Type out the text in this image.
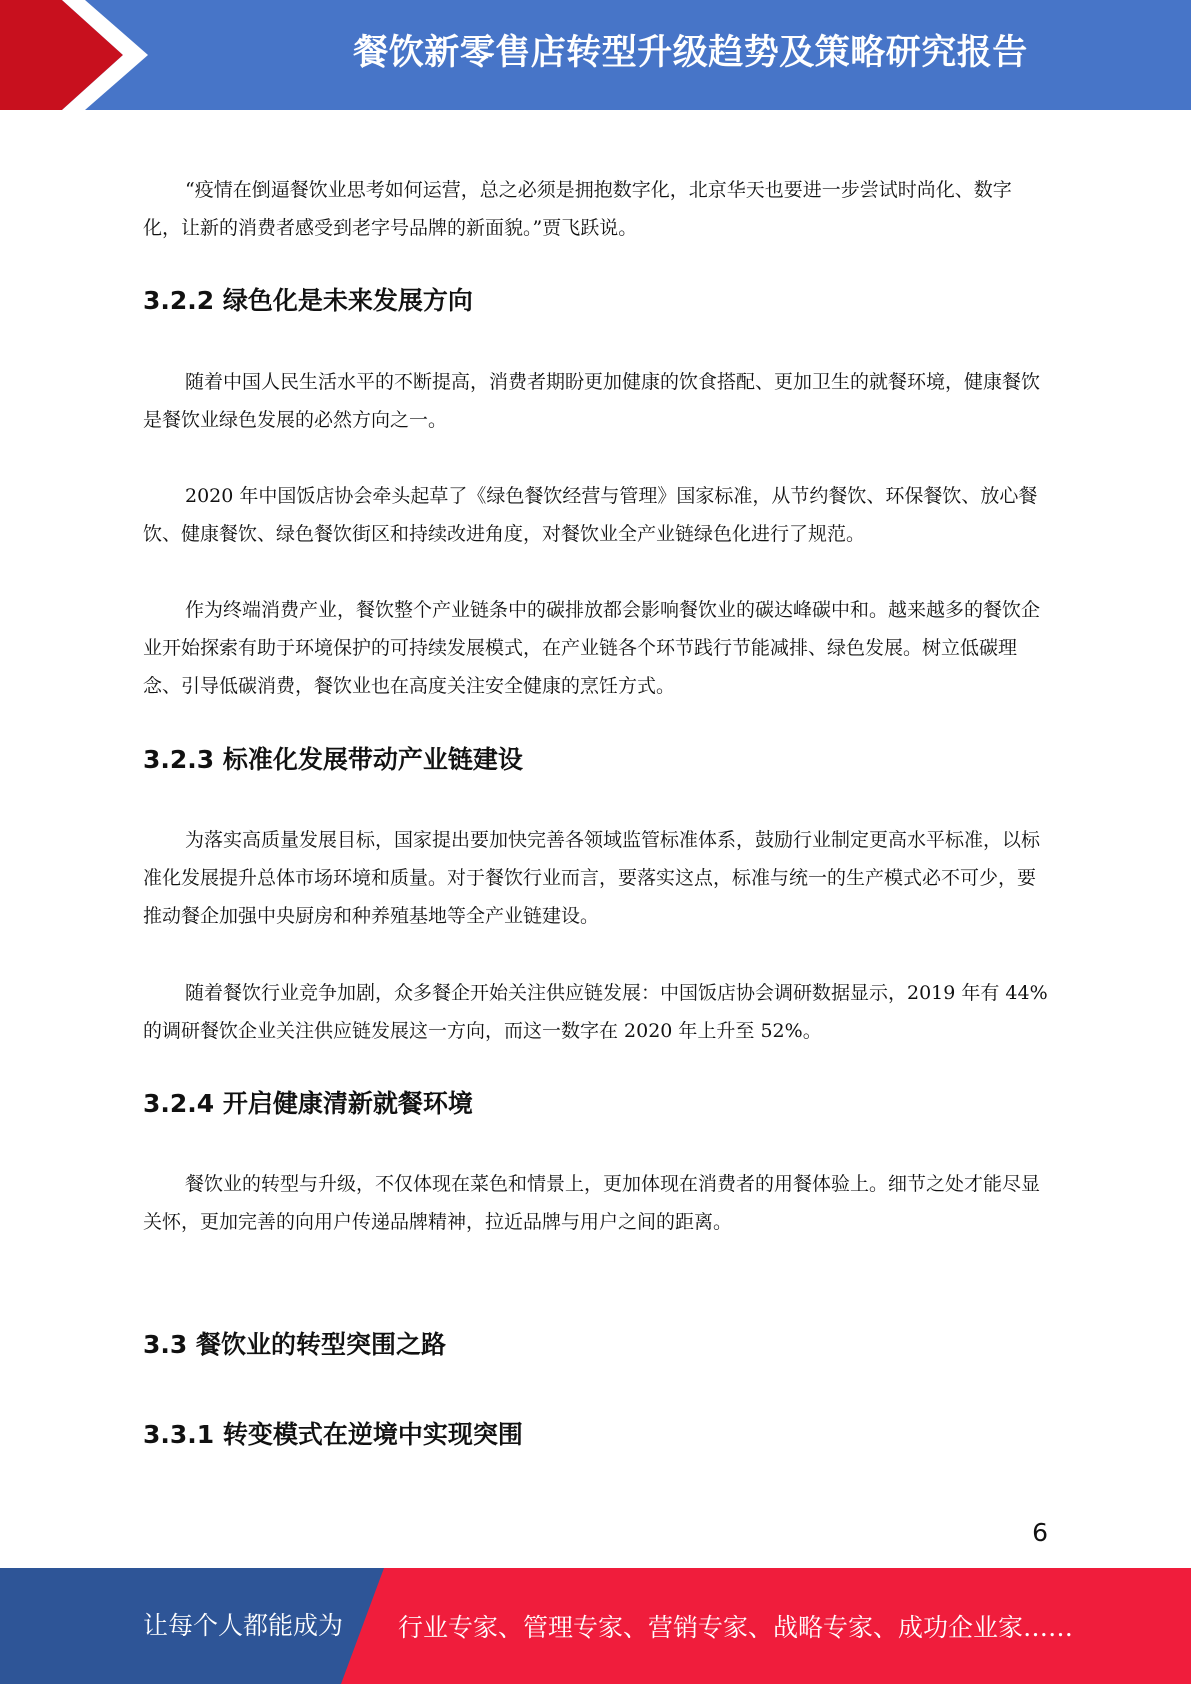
餐饮新零售店转型升级趋势及策略研究报告

“疫情在倒逼餐饮业思考如何运营，总之必须是拥抱数字化，北京华天也要进一步尝试时尚化、数字化，让新的消费者感受到老字号品牌的新面貌。”贾飞跃说。

3.2.2 绿色化是未来发展方向

随着中国人民生活水平的不断提高，消费者期盼更加健康的饮食搭配、更加卫生的就餐环境，健康餐饮是餐饮业绿色发展的必然方向之一。

2020 年中国饭店协会牵头起草了《绿色餐饮经营与管理》国家标准，从节约餐饮、环保餐饮、放心餐饮、健康餐饮、绿色餐饮街区和持续改进角度，对餐饮业全产业链绿色化进行了规范。

作为终端消费产业，餐饮整个产业链条中的碳排放都会影响餐饮业的碳达峰碳中和。越来越多的餐饮企业开始探索有助于环境保护的可持续发展模式，在产业链各个环节践行节能减排、绿色发展。树立低碳理念、引导低碳消费，餐饮业也在高度关注安全健康的烹饪方式。

3.2.3 标准化发展带动产业链建设

为落实高质量发展目标，国家提出要加快完善各领域监管标准体系，鼓励行业制定更高水平标准，以标准化发展提升总体市场环境和质量。对于餐饮行业而言，要落实这点，标准与统一的生产模式必不可少，要推动餐企加强中央厨房和种养殖基地等全产业链建设。

随着餐饮行业竞争加剧，众多餐企开始关注供应链发展：中国饭店协会调研数据显示，2019 年有 44%的调研餐饮企业关注供应链发展这一方向，而这一数字在 2020 年上升至 52%。

3.2.4 开启健康清新就餐环境

餐饮业的转型与升级，不仅体现在菜色和情景上，更加体现在消费者的用餐体验上。细节之处才能尽显关怀，更加完善的向用户传递品牌精神，拉近品牌与用户之间的距离。

3.3 餐饮业的转型突围之路
3.3.1 转变模式在逆境中实现突围
6
让每个人都能成为 行业专家、管理专家、营销专家、战略专家、成功企业家……
